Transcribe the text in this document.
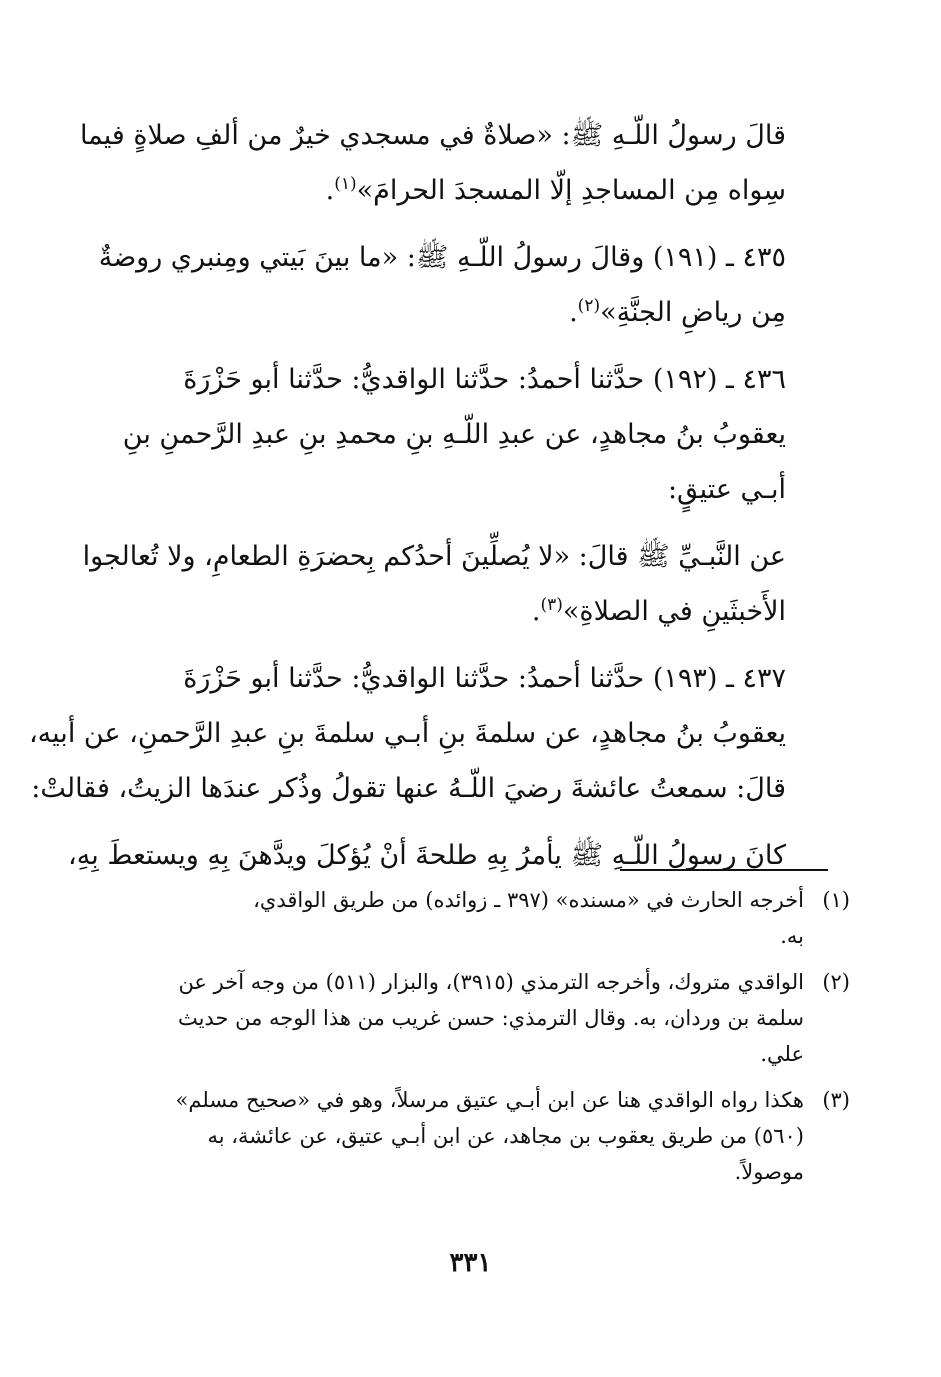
قالَ رسولُ اللّـهِ ﷺ: «صلاةٌ في مسجدي خيرٌ من ألفِ صلاةٍ فيما
سِواه مِن المساجدِ إلّا المسجدَ الحرامَ»$^{(١)}$.

٤٣٥ ـ (١٩١) وقالَ رسولُ اللّـهِ ﷺ: «ما بينَ بَيتي ومِنبري روضةٌ
مِن رياضِ الجنَّةِ»$^{(٢)}$.

٤٣٦ ـ (١٩٢) حدَّثنا أحمدُ: حدَّثنا الواقديُّ: حدَّثنا أبو حَزْرَةَ
يعقوبُ بنُ مجاهدٍ، عن عبدِ اللّـهِ بنِ محمدِ بنِ عبدِ الرَّحمنِ بنِ
أبـي عتيقٍ:

عن النَّبـيِّ ﷺ قالَ: «لا يُصلِّينَ أحدُكم بِحضرَةِ الطعامِ، ولا تُعالجوا
الأَخبثَينِ في الصلاةِ»$^{(٣)}$.

٤٣٧ ـ (١٩٣) حدَّثنا أحمدُ: حدَّثنا الواقديُّ: حدَّثنا أبو حَزْرَةَ
يعقوبُ بنُ مجاهدٍ، عن سلمةَ بنِ أبـي سلمةَ بنِ عبدِ الرَّحمنِ، عن أبيه،
قالَ: سمعتُ عائشةَ رضيَ اللّـهُ عنها تقولُ وذُكر عندَها الزيتُ، فقالتْ:

كانَ رسولُ اللّـهِ ﷺ يأمرُ بِهِ طلحةَ أنْ يُؤكلَ ويدَّهنَ بِهِ ويستعطَ بِهِ،

(١)
أخرجه الحارث في «مسنده» (٣٩٧ ـ زوائده) من طريق الواقدي،
به.
(٢)
الواقدي متروك، وأخرجه الترمذي (٣٩١٥)، والبزار (٥١١) من وجه آخر عن
سلمة بن وردان، به. وقال الترمذي: حسن غريب من هذا الوجه من حديث
علي.
(٣)
هكذا رواه الواقدي هنا عن ابن أبـي عتيق مرسلاً، وهو في «صحيح مسلم»
(٥٦٠) من طريق يعقوب بن مجاهد، عن ابن أبـي عتيق، عن عائشة، به
موصولاً.
٣٣١
